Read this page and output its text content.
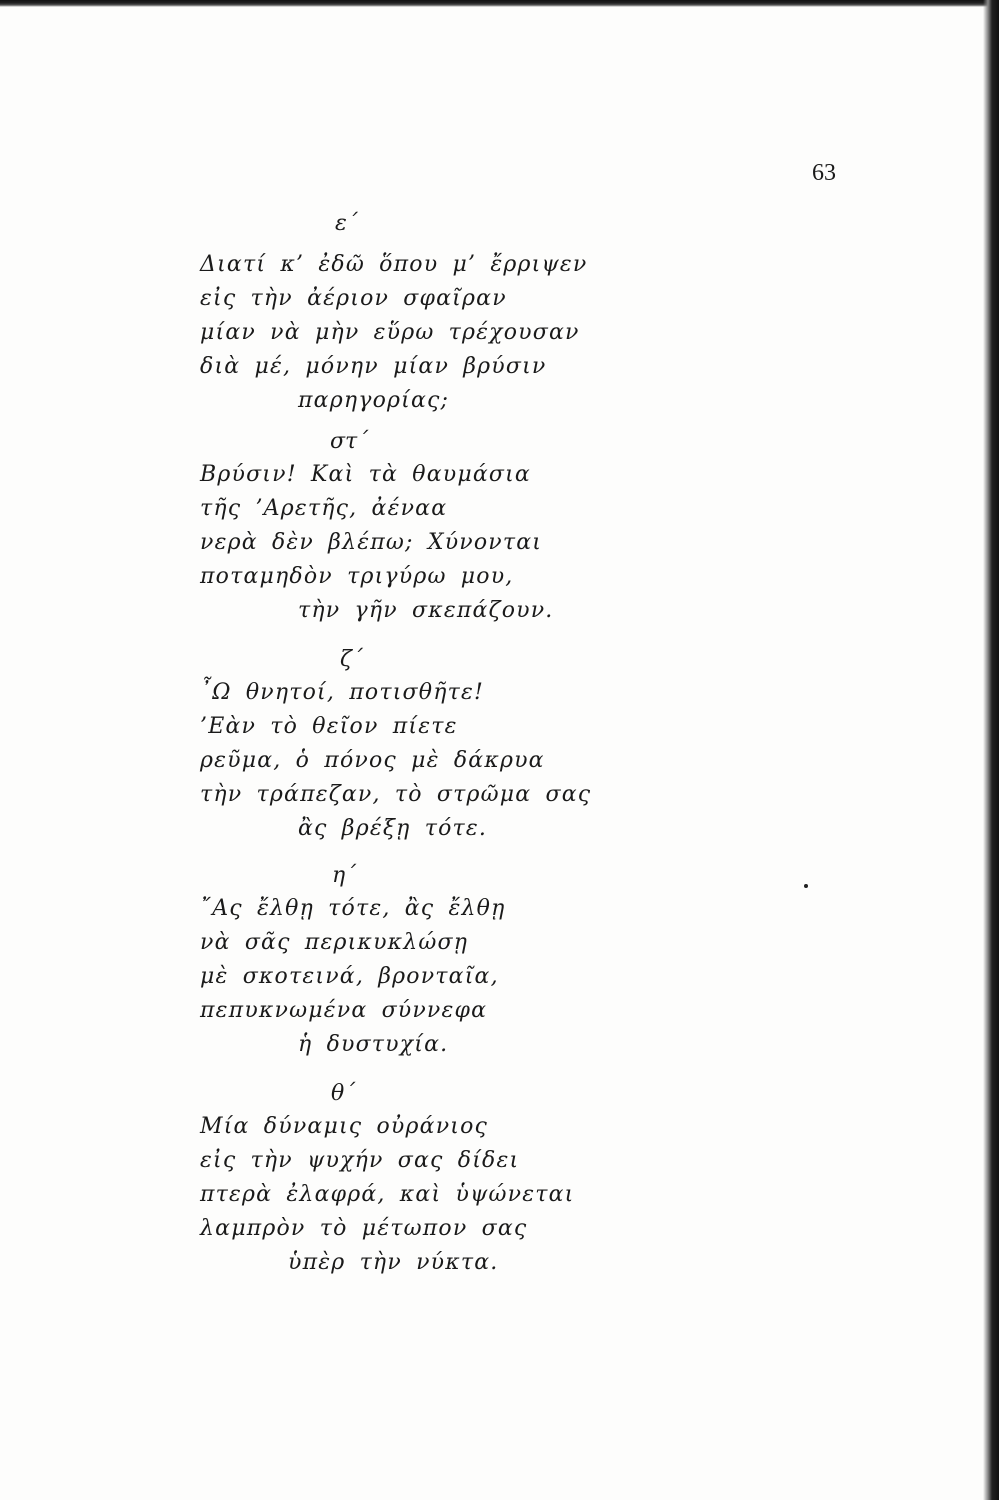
63
ε΄
Διατί κ’ ἐδῶ ὅπου μ’ ἔρριψεν
εἰς τὴν ἀέριον σφαῖραν
μίαν νὰ μὴν εὕρω τρέχουσαν
διὰ μέ, μόνην μίαν βρύσιν
παρηγορίας;
στ΄
Βρύσιν! Καὶ τὰ θαυμάσια
τῆς ’Αρετῆς, ἀέναα
νερὰ δὲν βλέπω; Χύνονται
ποταμηδὸν τριγύρω μου,
τὴν γῆν σκεπάζουν.
ζ΄
῏Ω θνητοί, ποτισθῆτε!
’Εὰν τὸ θεῖον πίετε
ρεῦμα, ὁ πόνος μὲ δάκρυα
τὴν τράπεζαν, τὸ στρῶμα σας
ἂς βρέξῃ τότε.
η΄
῎Ας ἔλθῃ τότε, ἂς ἔλθῃ
νὰ σᾶς περικυκλώσῃ
μὲ σκοτεινά, βρονταῖα,
πεπυκνωμένα σύννεφα
ἡ δυστυχία.
θ΄
Μία δύναμις οὐράνιος
εἰς τὴν ψυχήν σας δίδει
πτερὰ ἐλαφρά, καὶ ὑψώνεται
λαμπρὸν τὸ μέτωπον σας
ὑπὲρ τὴν νύκτα.
